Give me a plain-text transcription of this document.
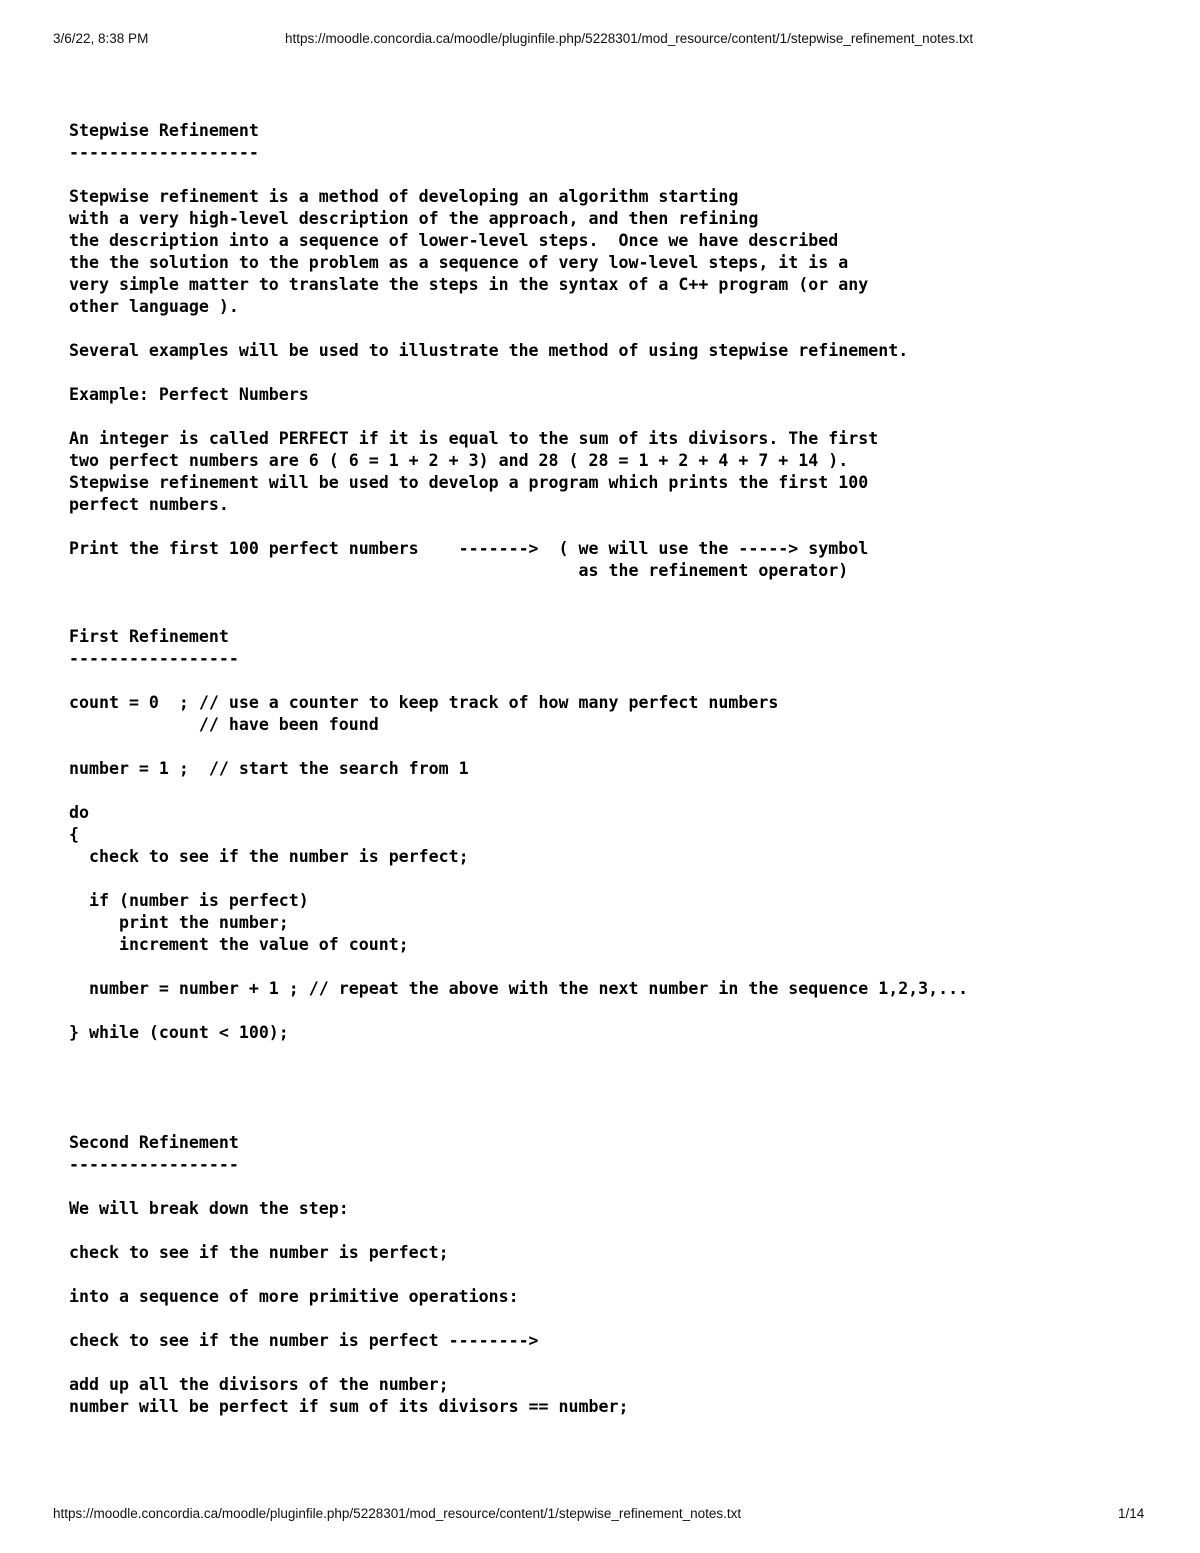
3/6/22, 8:38 PM	https://moodle.concordia.ca/moodle/pluginfile.php/5228301/mod_resource/content/1/stepwise_refinement_notes.txt
Stepwise Refinement
-------------------
Stepwise refinement is a method of developing an algorithm starting
with a very high-level description of the approach, and then refining
the description into a sequence of lower-level steps.  Once we have described
the the solution to the problem as a sequence of very low-level steps, it is a
very simple matter to translate the steps in the syntax of a C++ program (or any
other language ).
Several examples will be used to illustrate the method of using stepwise refinement.
Example: Perfect Numbers
An integer is called PERFECT if it is equal to the sum of its divisors. The first
two perfect numbers are 6 ( 6 = 1 + 2 + 3) and 28 ( 28 = 1 + 2 + 4 + 7 + 14 ).
Stepwise refinement will be used to develop a program which prints the first 100
perfect numbers.
Print the first 100 perfect numbers    ------->  ( we will use the -----> symbol
as the refinement operator)
First Refinement
-----------------
count = 0  ; // use a counter to keep track of how many perfect numbers
// have been found
number = 1 ;  // start the search from 1
do
{
check to see if the number is perfect;
if (number is perfect)
print the number;
increment the value of count;
number = number + 1 ; // repeat the above with the next number in the sequence 1,2,3,...
} while (count < 100);
Second Refinement
-----------------
We will break down the step:
check to see if the number is perfect;
into a sequence of more primitive operations:
check to see if the number is perfect -------->
add up all the divisors of the number;
number will be perfect if sum of its divisors == number;
https://moodle.concordia.ca/moodle/pluginfile.php/5228301/mod_resource/content/1/stepwise_refinement_notes.txt	1/14
